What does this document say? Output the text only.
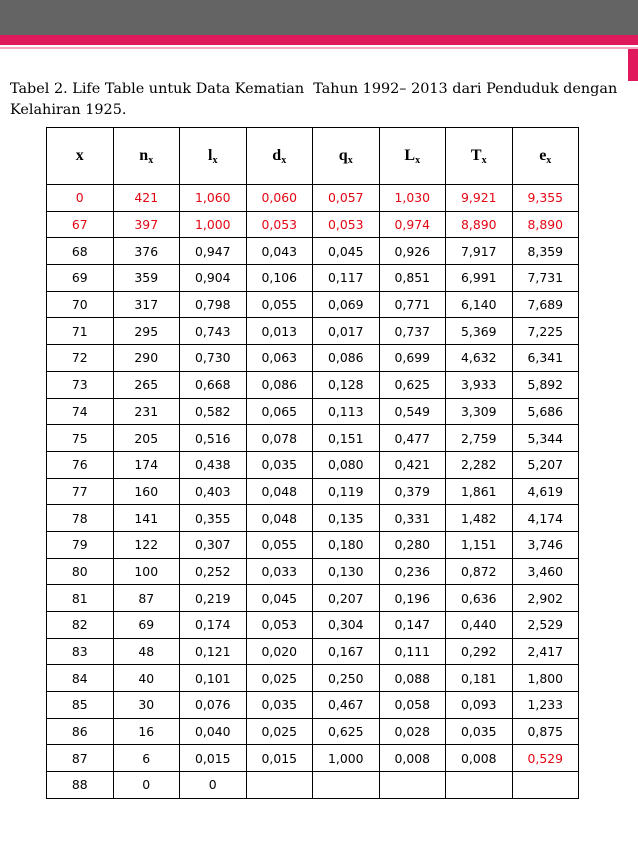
Tabel 2. Life Table untuk Data Kematian  Tahun 1992– 2013 dari Penduduk dengan
Kelahiran 1925.
x	$n_x$	$l_x$	$d_x$	$q_x$	$L_x$	$T_x$	$e_x$
0	421	1,060	0,060	0,057	1,030	9,921	9,355
67	397	1,000	0,053	0,053	0,974	8,890	8,890
68	376	0,947	0,043	0,045	0,926	7,917	8,359
69	359	0,904	0,106	0,117	0,851	6,991	7,731
70	317	0,798	0,055	0,069	0,771	6,140	7,689
71	295	0,743	0,013	0,017	0,737	5,369	7,225
72	290	0,730	0,063	0,086	0,699	4,632	6,341
73	265	0,668	0,086	0,128	0,625	3,933	5,892
74	231	0,582	0,065	0,113	0,549	3,309	5,686
75	205	0,516	0,078	0,151	0,477	2,759	5,344
76	174	0,438	0,035	0,080	0,421	2,282	5,207
77	160	0,403	0,048	0,119	0,379	1,861	4,619
78	141	0,355	0,048	0,135	0,331	1,482	4,174
79	122	0,307	0,055	0,180	0,280	1,151	3,746
80	100	0,252	0,033	0,130	0,236	0,872	3,460
81	87	0,219	0,045	0,207	0,196	0,636	2,902
82	69	0,174	0,053	0,304	0,147	0,440	2,529
83	48	0,121	0,020	0,167	0,111	0,292	2,417
84	40	0,101	0,025	0,250	0,088	0,181	1,800
85	30	0,076	0,035	0,467	0,058	0,093	1,233
86	16	0,040	0,025	0,625	0,028	0,035	0,875
87	6	0,015	0,015	1,000	0,008	0,008	0,529
88	0	0					
